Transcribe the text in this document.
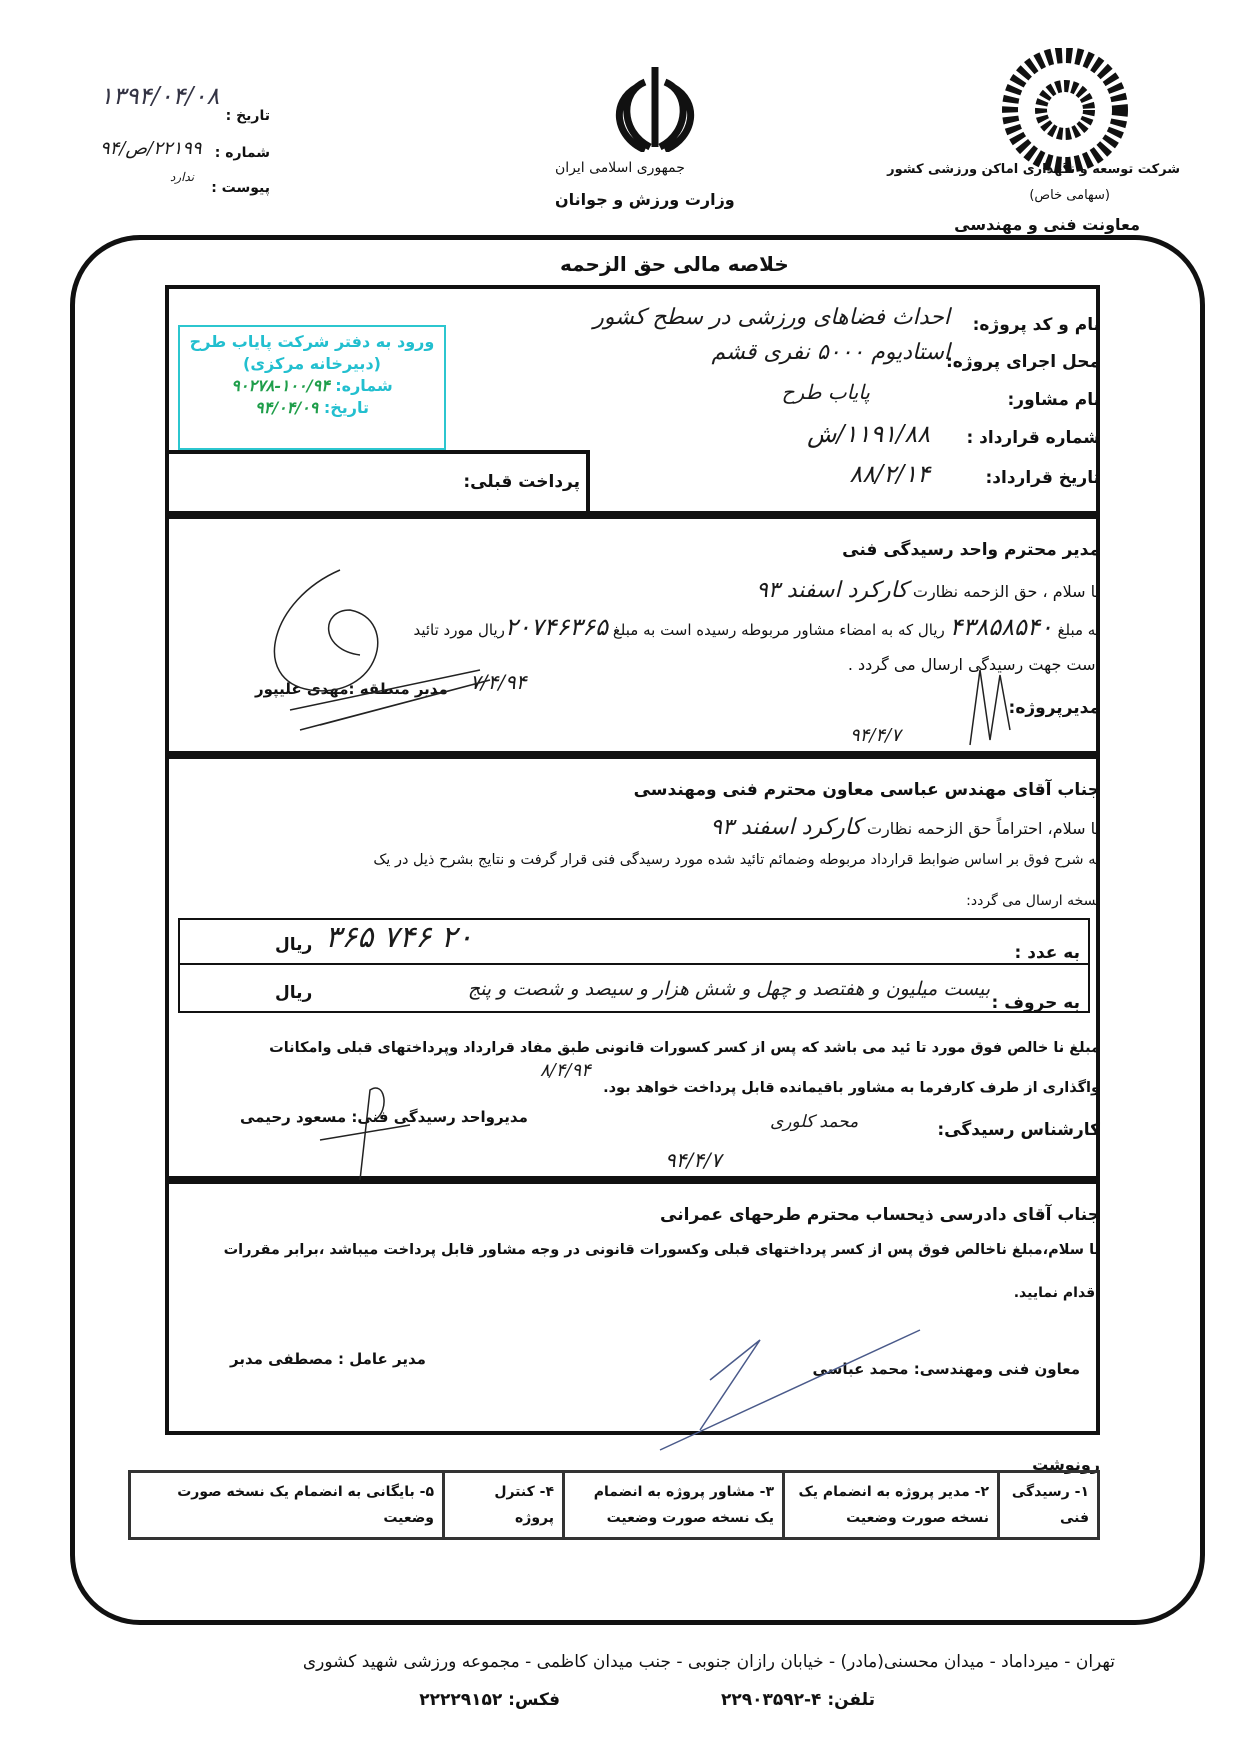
شرکت توسعه و نگهداری اماکن ورزشی کشور
(سهامی خاص)
معاونت فنی و مهندسی
جمهوری اسلامی ایران
وزارت ورزش و جوانان
تاریخ :
۱۳۹۴/۰۴/۰۸
شماره :
۲۲۱۹۹/ص/۹۴
پیوست :
ندارد
خلاصه مالی حق الزحمه
نام و کد پروژه:
احداث فضاهای ورزشی در سطح کشور
محل اجرای پروژه:
استادیوم ۵۰۰۰ نفری قشم
نام مشاور:
پایاب طرح
شماره قرارداد :
۱۱۹۱/۸۸/ش
تاریخ قرارداد:
۸۸/۲/۱۴
پرداخت قبلی:
ورود به دفتر شرکت پایاب طرح
(دبیرخانه مرکزی)
شماره: ۱۰۰/۹۴-۹۰۲۷۸
تاریخ: ۹۴/۰۴/۰۹
مدیر محترم واحد رسیدگی فنی
با سلام ، حق الزحمه نظارت کارکرد اسفند ۹۳
به مبلغ ۴۳۸۵۸۵۴۰ ریال که به امضاء مشاور مربوطه رسیده است به مبلغ ۲۰۷۴۶۳۶۵ریال مورد تائید
است جهت رسیدگی ارسال می گردد .
مدیرپروژه:
۹۴/۴/۷
مدیر منطقه :مهدی علیپور ۷/۴/۹۴
جناب آقای مهندس عباسی معاون محترم فنی ومهندسی
با سلام، احتراماً حق الزحمه نظارت کارکرد اسفند ۹۳
به شرح فوق بر اساس ضوابط قرارداد مربوطه وضمائم تائید شده مورد رسیدگی فنی قرار گرفت و نتایج بشرح ذیل در یک
نسخه ارسال می گردد:
به عدد :
۲۰ ۷۴۶ ۳۶۵
ریال
به حروف :
بیست میلیون و هفتصد و چهل و شش هزار و سیصد و شصت و پنج
ریال
مبلغ نا خالص فوق مورد تا ئید می باشد که پس از کسر کسورات قانونی طبق مفاد قرارداد وپرداختهای قبلی وامکانات
واگذاری از طرف کارفرما به مشاور باقیمانده قابل پرداخت خواهد بود.
۸/۴/۹۴
کارشناس رسیدگی:
محمد کلوری
۹۴/۴/۷
مدیرواحد رسیدگی فنی: مسعود رحیمی
جناب آقای دادرسی ذیحساب محترم طرحهای عمرانی
با سلام،مبلغ ناخالص فوق پس از کسر پرداختهای قبلی وکسورات قانونی در وجه مشاور قابل پرداخت میباشد ،برابر مقررات
اقدام نمایید.
معاون فنی ومهندسی: محمد عباسی
مدیر عامل : مصطفی مدبر
رونوشت
۱- رسیدگی فنی	۲- مدیر پروژه به انضمام یک نسخه صورت وضعیت	۳- مشاور پروژه به انضمام یک نسخه صورت وضعیت	۴- کنترل پروژه	۵- بایگانی به انضمام یک نسخه صورت وضعیت
تهران - میرداماد - میدان محسنی(مادر) - خیابان رازان جنوبی - جنب میدان کاظمی - مجموعه ورزشی شهید کشوری
تلفن: ۴-۲۲۹۰۳۵۹۲
فکس: ۲۲۲۲۹۱۵۲
